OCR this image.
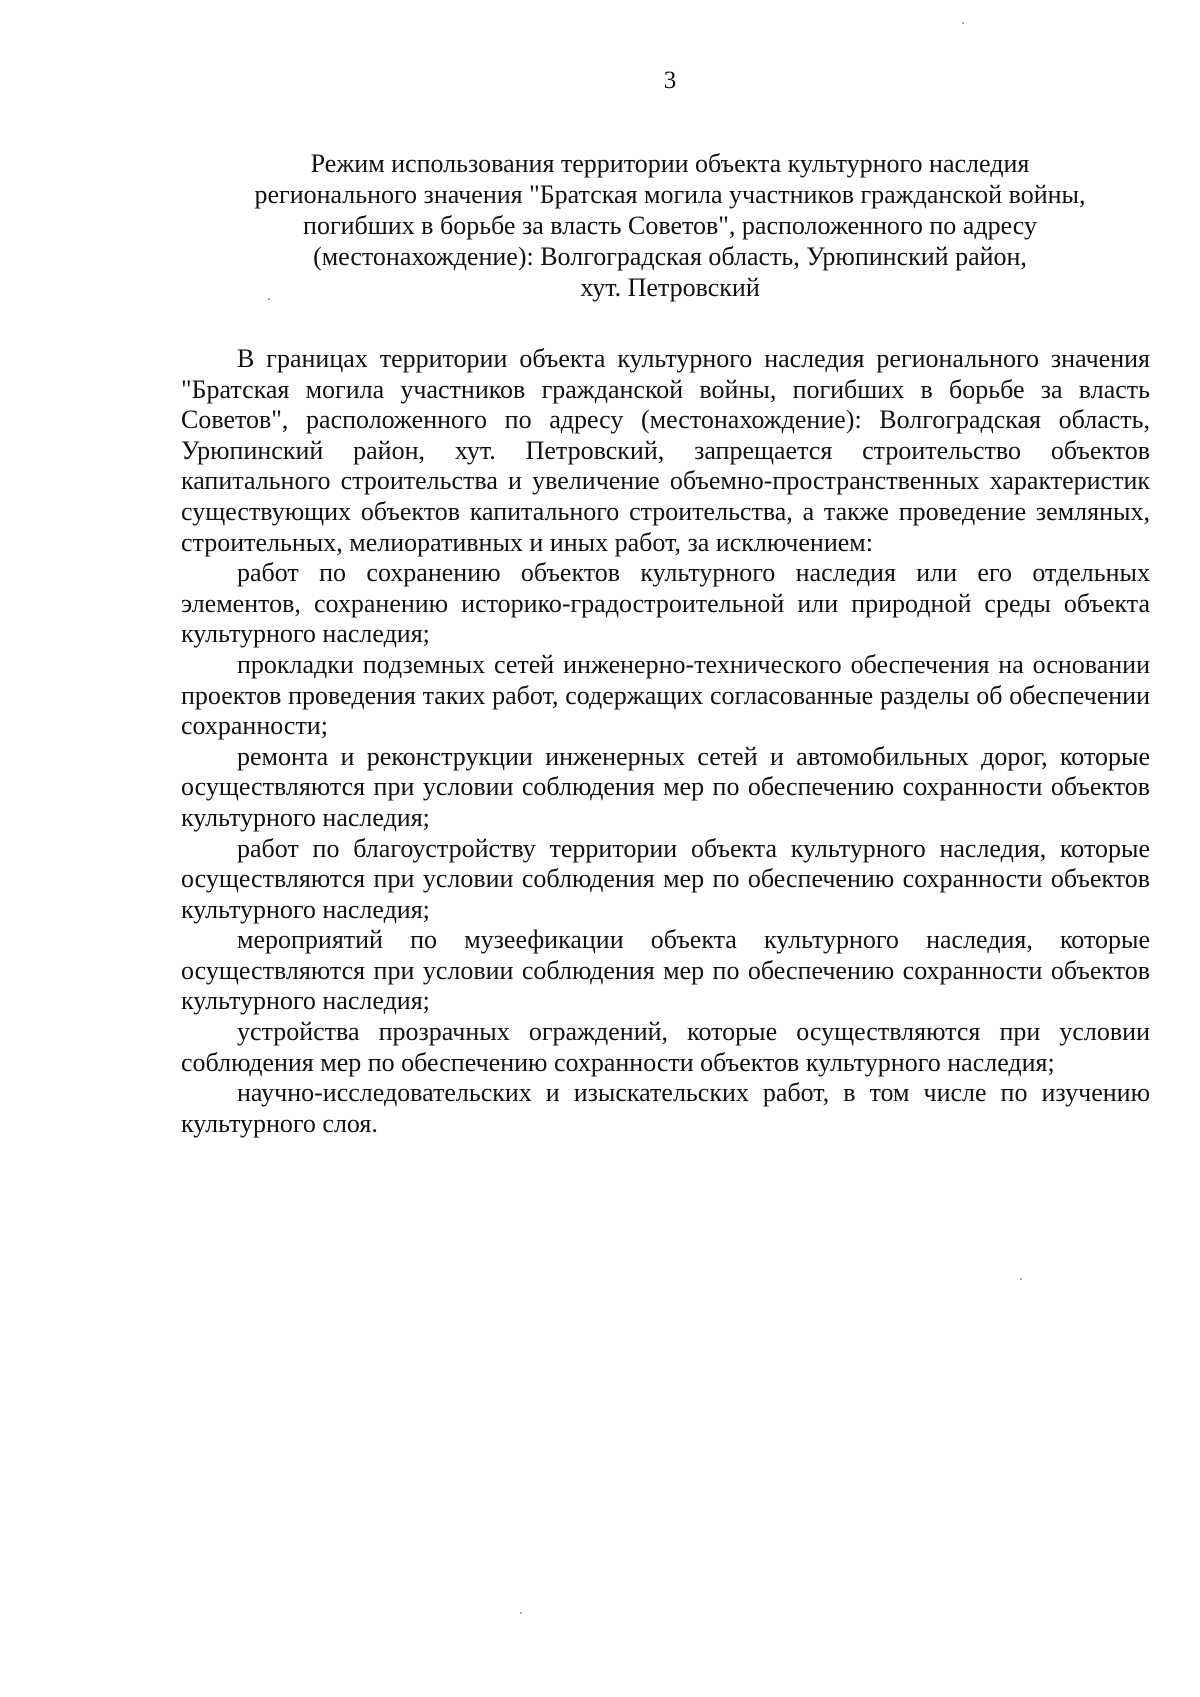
3
Режим использования территории объекта культурного наследия
регионального значения "Братская могила участников гражданской войны,
погибших в борьбе за власть Советов", расположенного по адресу
(местонахождение): Волгоградская область, Урюпинский район,
хут. Петровский

В границах территории объекта культурного наследия регионального значения "Братская могила участников гражданской войны, погибших в борьбе за власть Советов", расположенного по адресу (местонахождение): Волгоградская область, Урюпинский район, хут. Петровский, запрещается строительство объектов капитального строительства и увеличение объемно-пространственных характеристик существующих объектов капитального строительства, а также проведение земляных, строительных, мелиоративных и иных работ, за исключением:

работ по сохранению объектов культурного наследия или его отдельных элементов, сохранению историко-градостроительной или природной среды объекта культурного наследия;

прокладки подземных сетей инженерно-технического обеспечения на основании проектов проведения таких работ, содержащих согласованные разделы об обеспечении сохранности;

ремонта и реконструкции инженерных сетей и автомобильных дорог, которые осуществляются при условии соблюдения мер по обеспечению сохранности объектов культурного наследия;

работ по благоустройству территории объекта культурного наследия, которые осуществляются при условии соблюдения мер по обеспечению сохранности объектов культурного наследия;

мероприятий по музеефикации объекта культурного наследия, которые осуществляются при условии соблюдения мер по обеспечению сохранности объектов культурного наследия;

устройства прозрачных ограждений, которые осуществляются при условии соблюдения мер по обеспечению сохранности объектов культурного наследия;

научно-исследовательских и изыскательских работ, в том числе по изучению культурного слоя.
